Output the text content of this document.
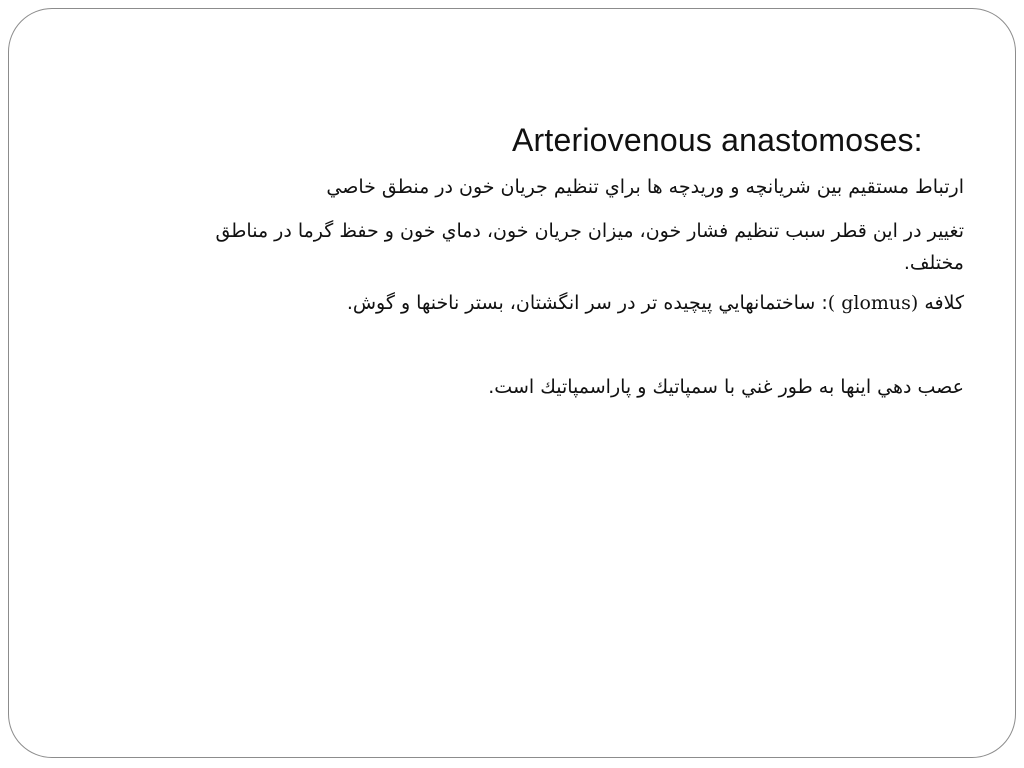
Arteriovenous anastomoses:
ارتباط مستقيم بين شريانچه و وريدچه ها براي تنظيم جريان خون در منطق خاصي
تغيير در اين قطر سبب تنظيم فشار خون، ميزان جريان خون، دماي خون و حفظ گرما در مناطق مختلف.
كلافه ( glomus): ساختمانهايي پيچيده تر در سر انگشتان، بستر ناخنها و گوش.
عصب دهي اينها به طور غني با سمپاتيك و پاراسمپاتيك است.
